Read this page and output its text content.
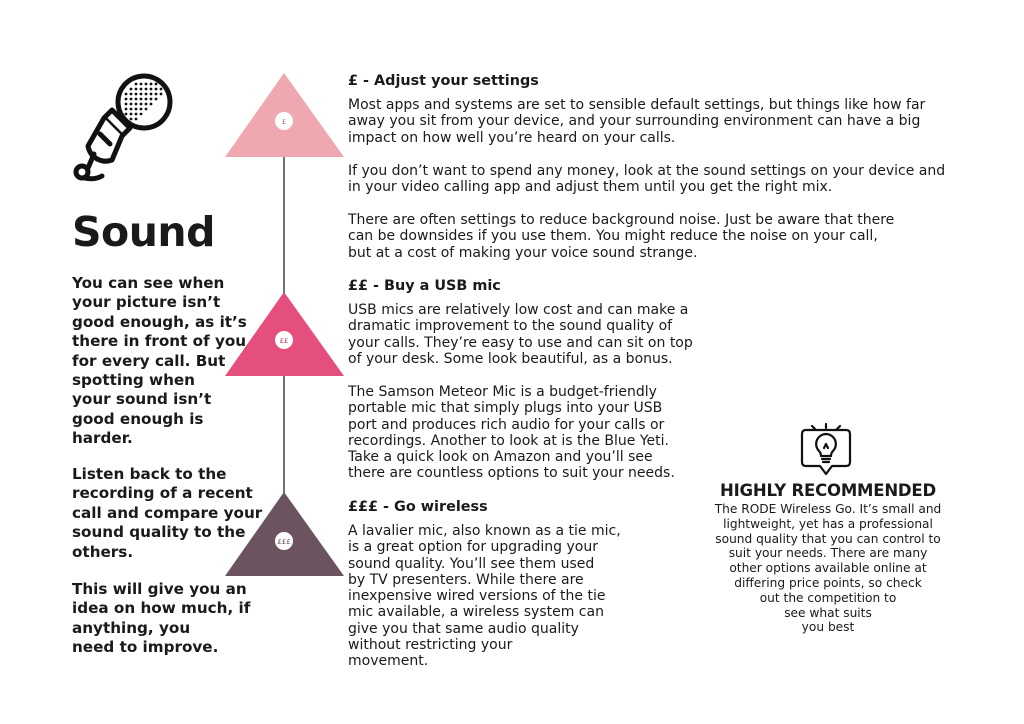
Sound

You can see when
your picture isn’t
good enough, as it’s
there in front of you
for every call. But
spotting when
your sound isn’t
good enough is
harder.

Listen back to the
recording of a recent
call and compare your
sound quality to the
others.

This will give you an
idea on how much, if
anything, you
need to improve.

£
££
£££
£ - Adjust your settings

Most apps and systems are set to sensible default settings, but things like how far
away you sit from your device, and your surrounding environment can have a big
impact on how well you’re heard on your calls.

If you don’t want to spend any money, look at the sound settings on your device and
in your video calling app and adjust them until you get the right mix.

There are often settings to reduce background noise. Just be aware that there
can be downsides if you use them. You might reduce the noise on your call,
but at a cost of making your voice sound strange.

££ - Buy a USB mic

USB mics are relatively low cost and can make a
dramatic improvement to the sound quality of
your calls. They’re easy to use and can sit on top
of your desk. Some look beautiful, as a bonus.

The Samson Meteor Mic is a budget-friendly
portable mic that simply plugs into your USB
port and produces rich audio for your calls or
recordings. Another to look at is the Blue Yeti.
Take a quick look on Amazon and you’ll see
there are countless options to suit your needs.

£££ - Go wireless

A lavalier mic, also known as a tie mic,
is a great option for upgrading your
sound quality. You’ll see them used
by TV presenters. While there are
inexpensive wired versions of the tie
mic available, a wireless system can
give you that same audio quality
without restricting your
movement.

HIGHLY RECOMMENDED

The RODE Wireless Go. It’s small and
lightweight, yet has a professional
sound quality that you can control to
suit your needs. There are many
other options available online at
differing price points, so check
out the competition to
see what suits
you best
